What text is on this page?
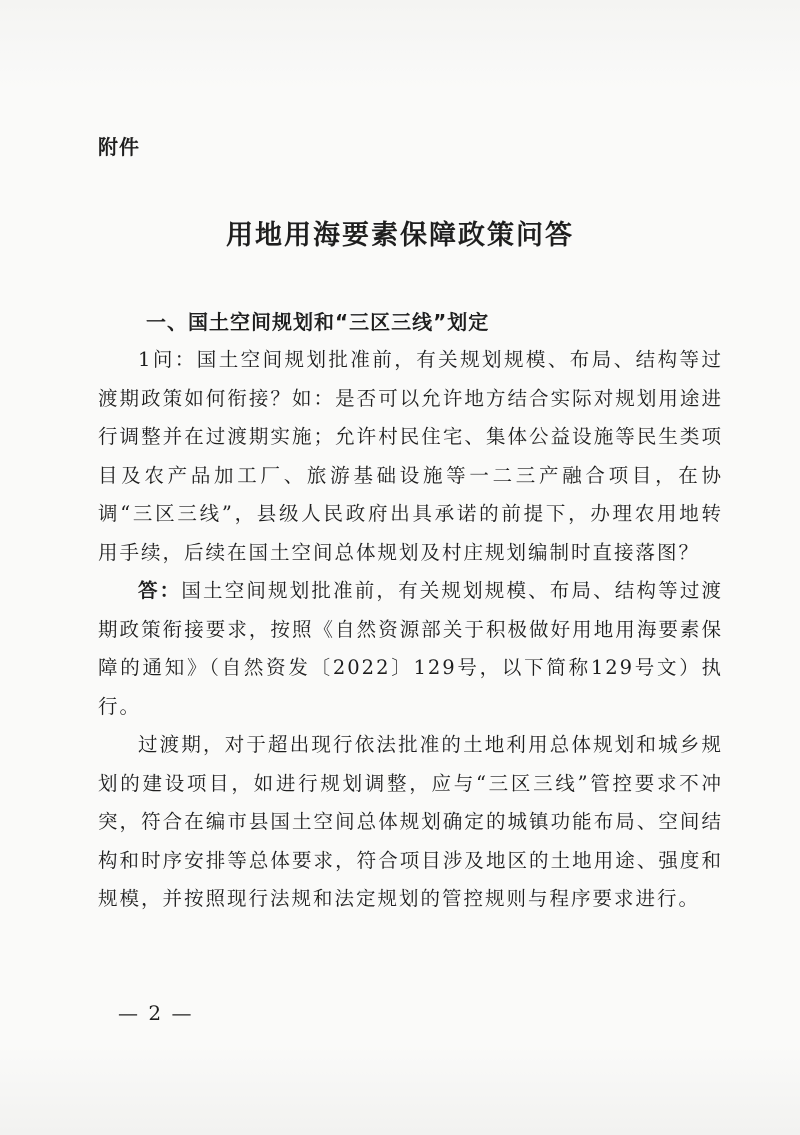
附件
用地用海要素保障政策问答
一、国土空间规划和“三区三线”划定
1问：国土空间规划批准前，有关规划规模、布局、结构等过渡期政策如何衔接？如：是否可以允许地方结合实际对规划用途进行调整并在过渡期实施；允许村民住宅、集体公益设施等民生类项目及农产品加工厂、旅游基础设施等一二三产融合项目，在协调“三区三线”，县级人民政府出具承诺的前提下，办理农用地转用手续，后续在国土空间总体规划及村庄规划编制时直接落图？
答：国土空间规划批准前，有关规划规模、布局、结构等过渡期政策衔接要求，按照《自然资源部关于积极做好用地用海要素保障的通知》（自然资发〔2022〕129号，以下简称129号文）执行。
过渡期，对于超出现行依法批准的土地利用总体规划和城乡规划的建设项目，如进行规划调整，应与“三区三线”管控要求不冲突，符合在编市县国土空间总体规划确定的城镇功能布局、空间结构和时序安排等总体要求，符合项目涉及地区的土地用途、强度和规模，并按照现行法规和法定规划的管控规则与程序要求进行。
— 2 —
